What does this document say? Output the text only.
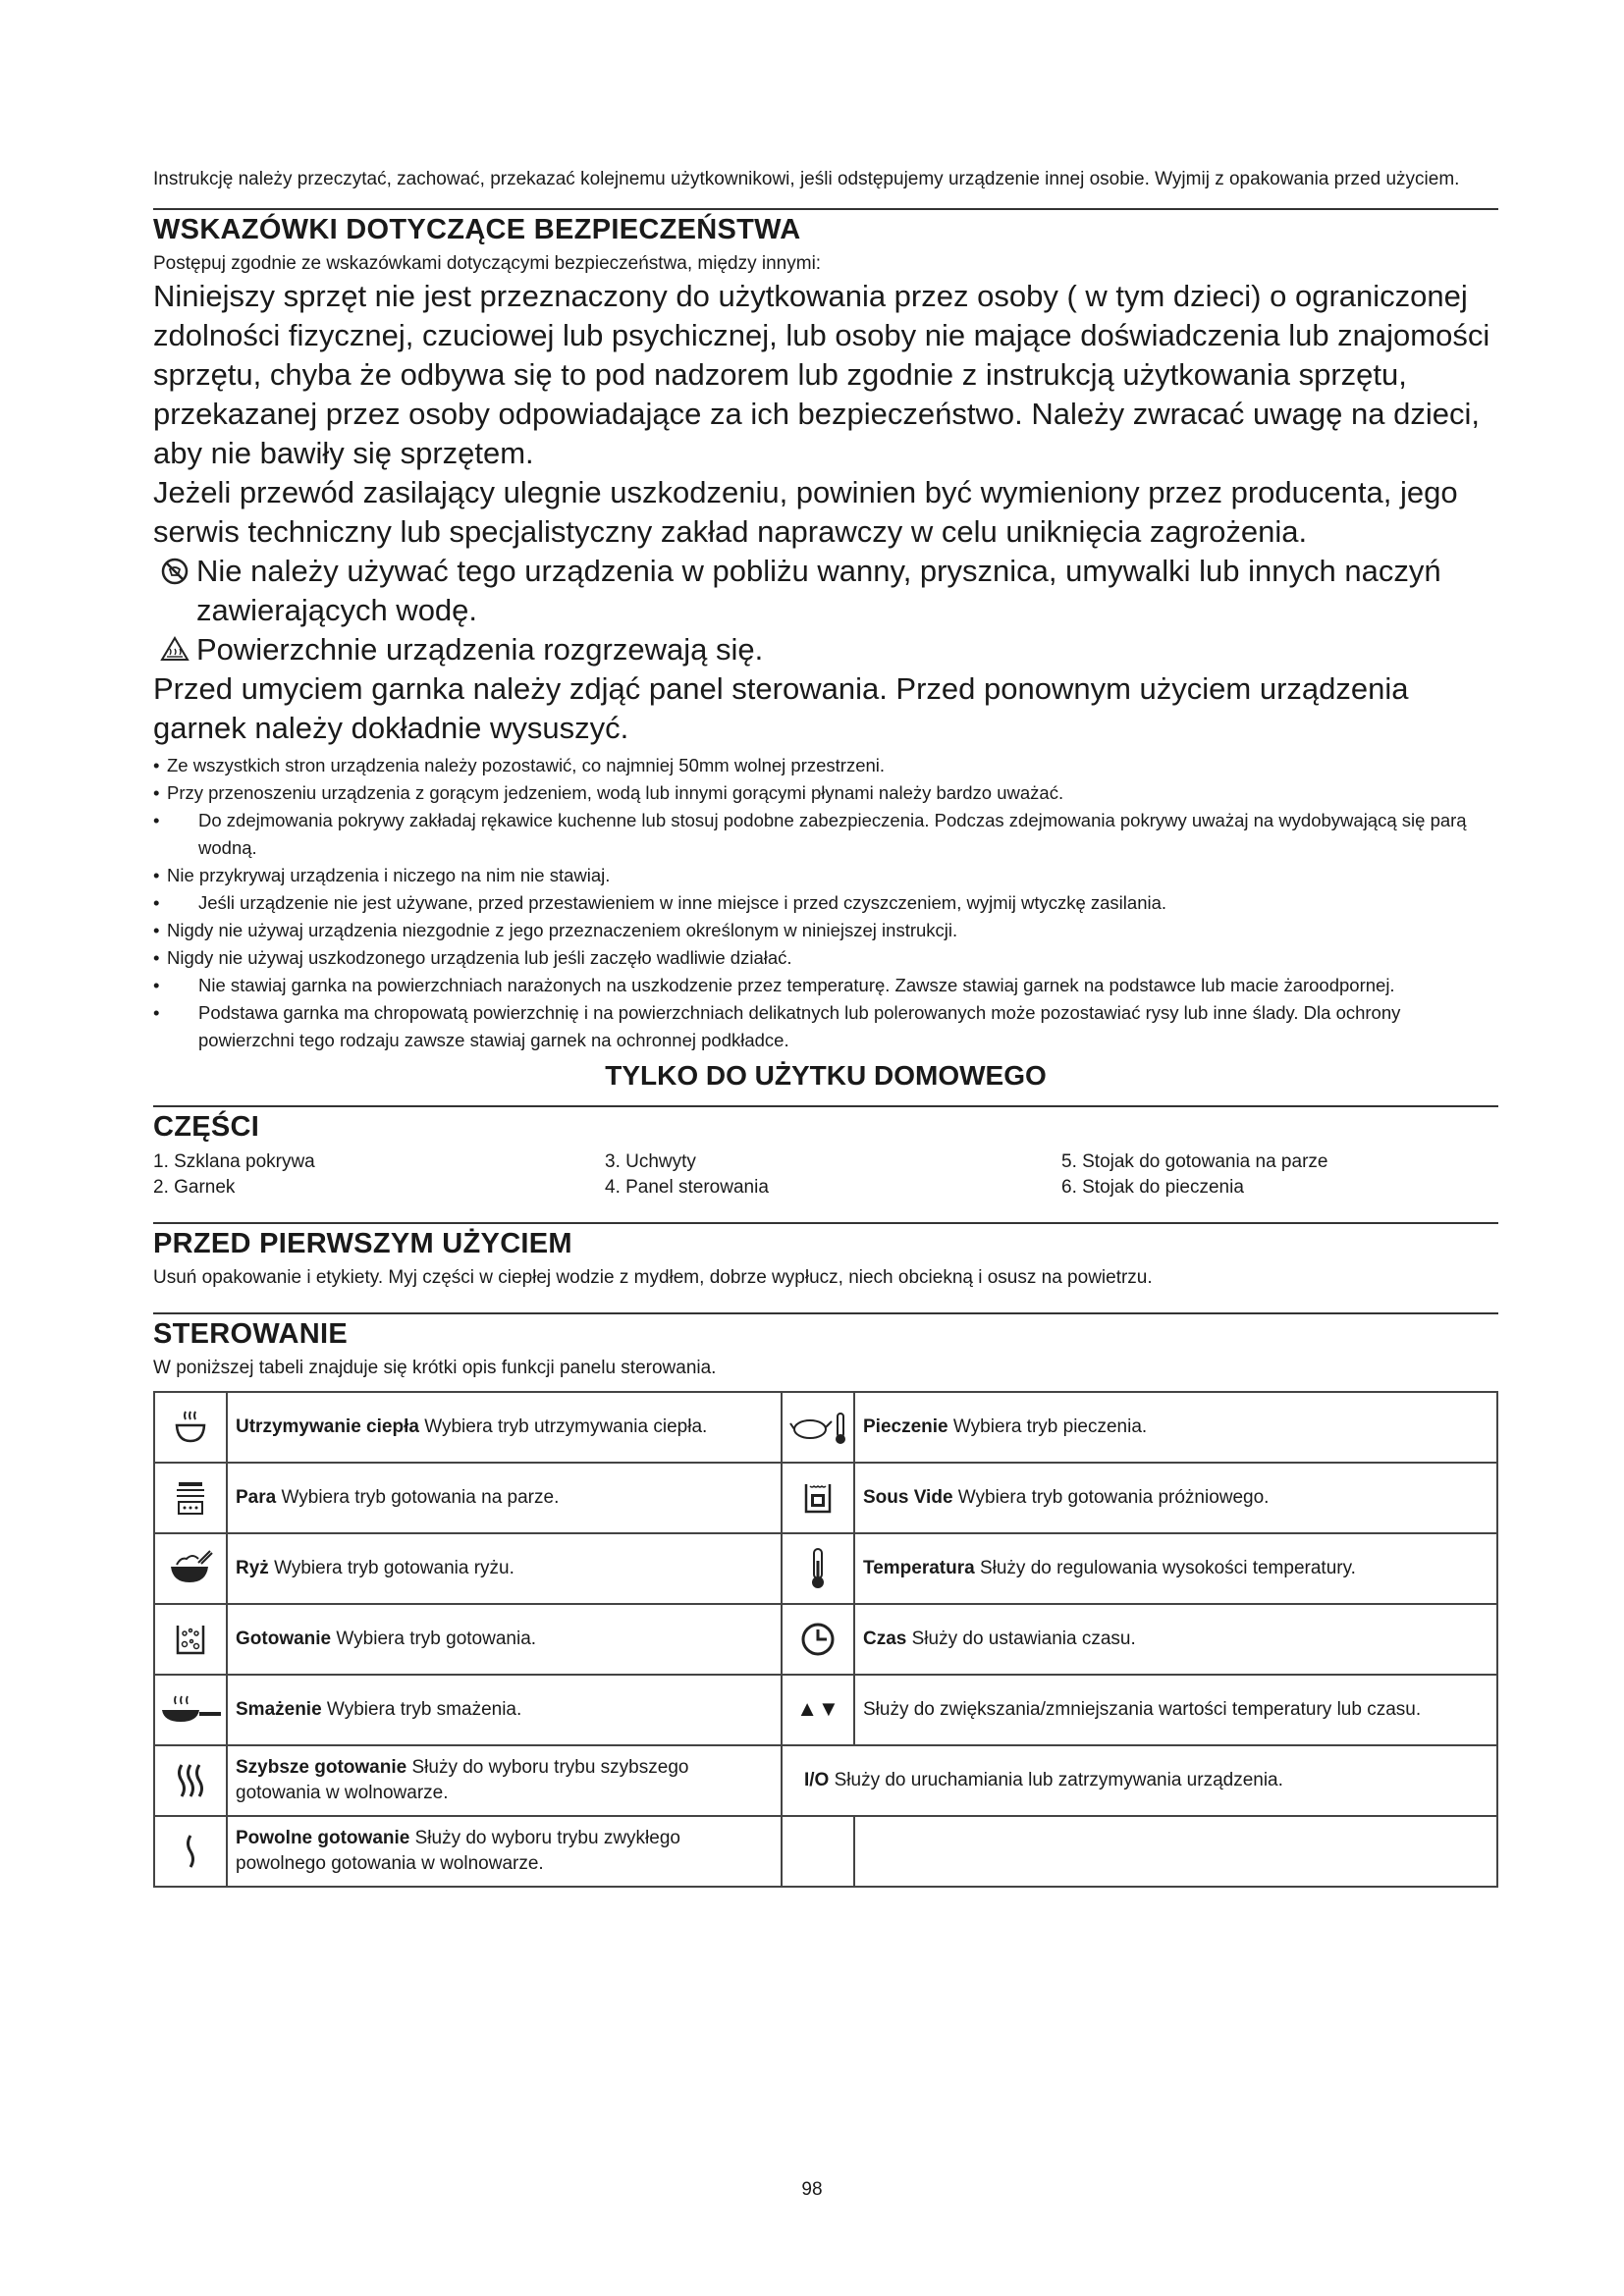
Instrukcję należy przeczytać, zachować, przekazać kolejnemu użytkownikowi, jeśli odstępujemy urządzenie innej osobie. Wyjmij z opakowania przed użyciem.

WSKAZÓWKI DOTYCZĄCE BEZPIECZEŃSTWA

Postępuj zgodnie ze wskazówkami dotyczącymi bezpieczeństwa, między innymi:

Niniejszy sprzęt nie jest przeznaczony do użytkowania przez osoby ( w tym dzieci) o ograniczonej zdolności fizycznej, czuciowej lub psychicznej, lub osoby nie mające doświadczenia lub znajomości sprzętu, chyba że odbywa się to pod nadzorem lub zgodnie z instrukcją użytkowania sprzętu, przekazanej przez osoby odpowiadające za ich bezpieczeństwo. Należy zwracać uwagę na dzieci, aby nie bawiły się sprzętem.

Jeżeli przewód zasilający ulegnie uszkodzeniu, powinien być wymieniony przez producenta, jego serwis techniczny lub specjalistyczny zakład naprawczy w celu uniknięcia zagrożenia.

Nie należy używać tego urządzenia w pobliżu wanny, prysznica, umywalki lub innych naczyń zawierających wodę.
Powierzchnie urządzenia rozgrzewają się.

Przed umyciem garnka należy zdjąć panel sterowania. Przed ponownym użyciem urządzenia garnek należy dokładnie wysuszyć.

• Ze wszystkich stron urządzenia należy pozostawić, co najmniej 50mm wolnej przestrzeni.
• Przy przenoszeniu urządzenia z gorącym jedzeniem, wodą lub innymi gorącymi płynami należy bardzo uważać.
• Do zdejmowania pokrywy zakładaj rękawice kuchenne lub stosuj podobne zabezpieczenia. Podczas zdejmowania pokrywy uważaj na wydobywającą się parą wodną.
• Nie przykrywaj urządzenia i niczego na nim nie stawiaj.
• Jeśli urządzenie nie jest używane, przed przestawieniem w inne miejsce i przed czyszczeniem, wyjmij wtyczkę zasilania.
• Nigdy nie używaj urządzenia niezgodnie z jego przeznaczeniem określonym w niniejszej instrukcji.
• Nigdy nie używaj uszkodzonego urządzenia lub jeśli zaczęło wadliwie działać.
• Nie stawiaj garnka na powierzchniach narażonych na uszkodzenie przez temperaturę. Zawsze stawiaj garnek na podstawce lub macie żaroodpornej.
• Podstawa garnka ma chropowatą powierzchnię i na powierzchniach delikatnych lub polerowanych może pozostawiać rysy lub inne ślady. Dla ochrony powierzchni tego rodzaju zawsze stawiaj garnek na ochronnej podkładce.
TYLKO DO UŻYTKU DOMOWEGO
CZĘŚCI
1. Szklana pokrywa	3. Uchwyty	5. Stojak do gotowania na parze
2. Garnek	4. Panel sterowania	6. Stojak do pieczenia
PRZED PIERWSZYM UŻYCIEM

Usuń opakowanie i etykiety. Myj części w ciepłej wodzie z mydłem, dobrze wypłucz, niech obciekną i osusz na powietrzu.

STEROWANIE

W poniższej tabeli znajduje się krótki opis funkcji panelu sterowania.

	Utrzymywanie ciepła Wybiera tryb utrzymywania ciepła.		Pieczenie Wybiera tryb pieczenia.

	Para Wybiera tryb gotowania na parze.		Sous Vide Wybiera tryb gotowania próżniowego.

	Ryż Wybiera tryb gotowania ryżu.		Temperatura Służy do regulowania wysokości temperatury.

	Gotowanie Wybiera tryb gotowania.		Czas Służy do ustawiania czasu.

	Smażenie Wybiera tryb smażenia.	▲▼	Służy do zwiększania/zmniejszania wartości temperatury lub czasu.

	Szybsze gotowanie Służy do wyboru trybu szybszego gotowania w wolnowarze.	I/O Służy do uruchamiania lub zatrzymywania urządzenia.	

	Powolne gotowanie Służy do wyboru trybu zwykłego powolnego gotowania w wolnowarze.		
98
